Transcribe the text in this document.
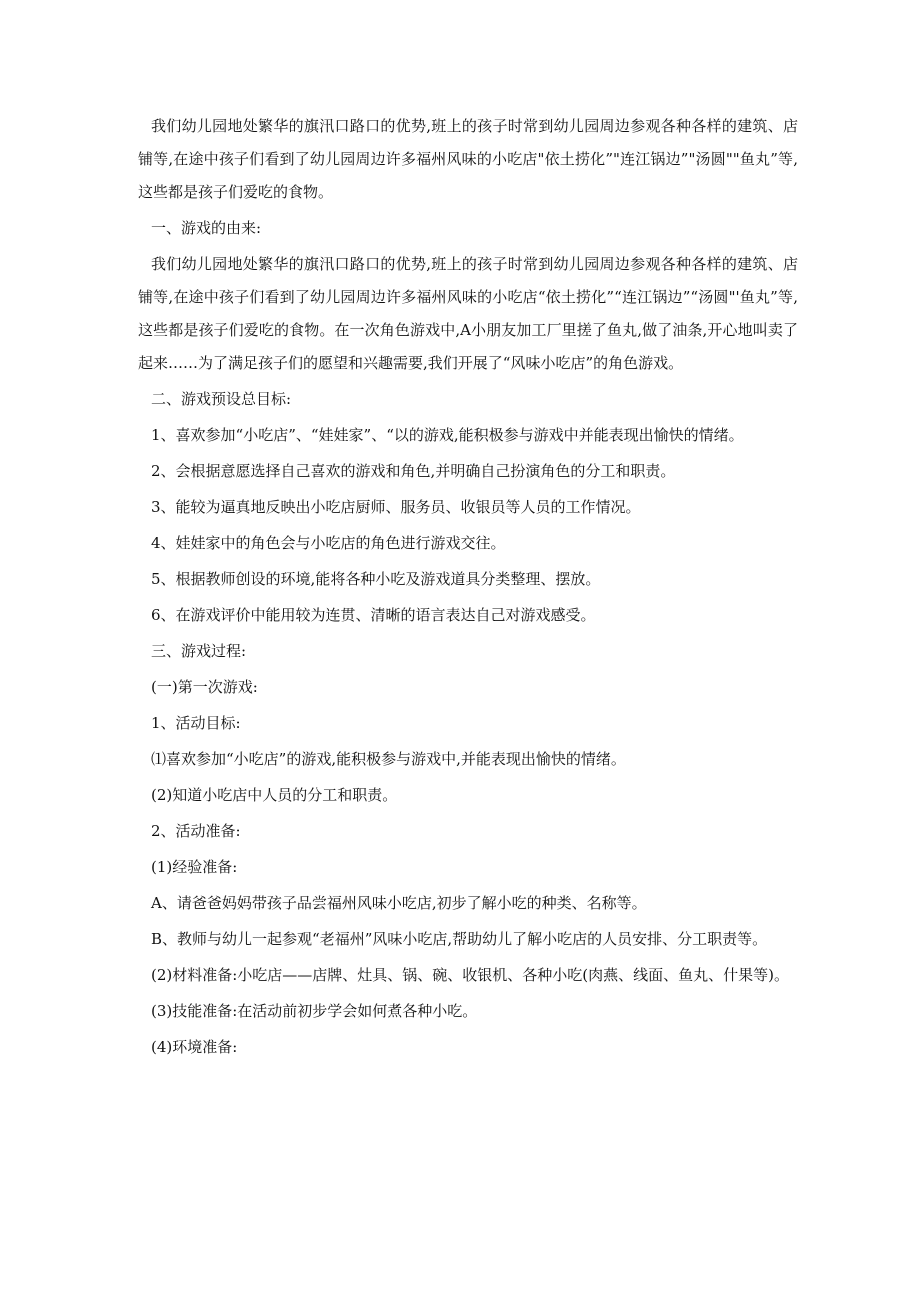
我们幼儿园地处繁华的旗汛口路口的优势,班上的孩子时常到幼儿园周边参观各种各样的建筑、店铺等,在途中孩子们看到了幼儿园周边许多福州风味的小吃店"依土捞化”"连江锅边”"汤圆""鱼丸”等,这些都是孩子们爱吃的食物。

一、游戏的由来:

我们幼儿园地处繁华的旗汛口路口的优势,班上的孩子时常到幼儿园周边参观各种各样的建筑、店铺等,在途中孩子们看到了幼儿园周边许多福州风味的小吃店“依土捞化”“连江锅边”“汤圆"'鱼丸”等,这些都是孩子们爱吃的食物。在一次角色游戏中,A小朋友加工厂里搓了鱼丸,做了油条,开心地叫卖了起来……为了满足孩子们的愿望和兴趣需要,我们开展了“风味小吃店”的角色游戏。

二、游戏预设总目标:

1、喜欢参加“小吃店”、“娃娃家”、“以的游戏,能积极参与游戏中并能表现出愉快的情绪。

2、会根据意愿选择自己喜欢的游戏和角色,并明确自己扮演角色的分工和职责。

3、能较为逼真地反映出小吃店厨师、服务员、收银员等人员的工作情况。

4、娃娃家中的角色会与小吃店的角色进行游戏交往。

5、根据教师创设的环境,能将各种小吃及游戏道具分类整理、摆放。

6、在游戏评价中能用较为连贯、清晰的语言表达自己对游戏感受。

三、游戏过程:

(一)第一次游戏:

1、活动目标:

⑴喜欢参加“小吃店”的游戏,能积极参与游戏中,并能表现出愉快的情绪。

(2)知道小吃店中人员的分工和职责。

2、活动准备:

(1)经验准备:

A、请爸爸妈妈带孩子品尝福州风味小吃店,初步了解小吃的种类、名称等。

B、教师与幼儿一起参观“老福州”风味小吃店,帮助幼儿了解小吃店的人员安排、分工职责等。

(2)材料准备:小吃店——店牌、灶具、锅、碗、收银机、各种小吃(肉燕、线面、鱼丸、什果等)。

(3)技能准备:在活动前初步学会如何煮各种小吃。

(4)环境准备:
